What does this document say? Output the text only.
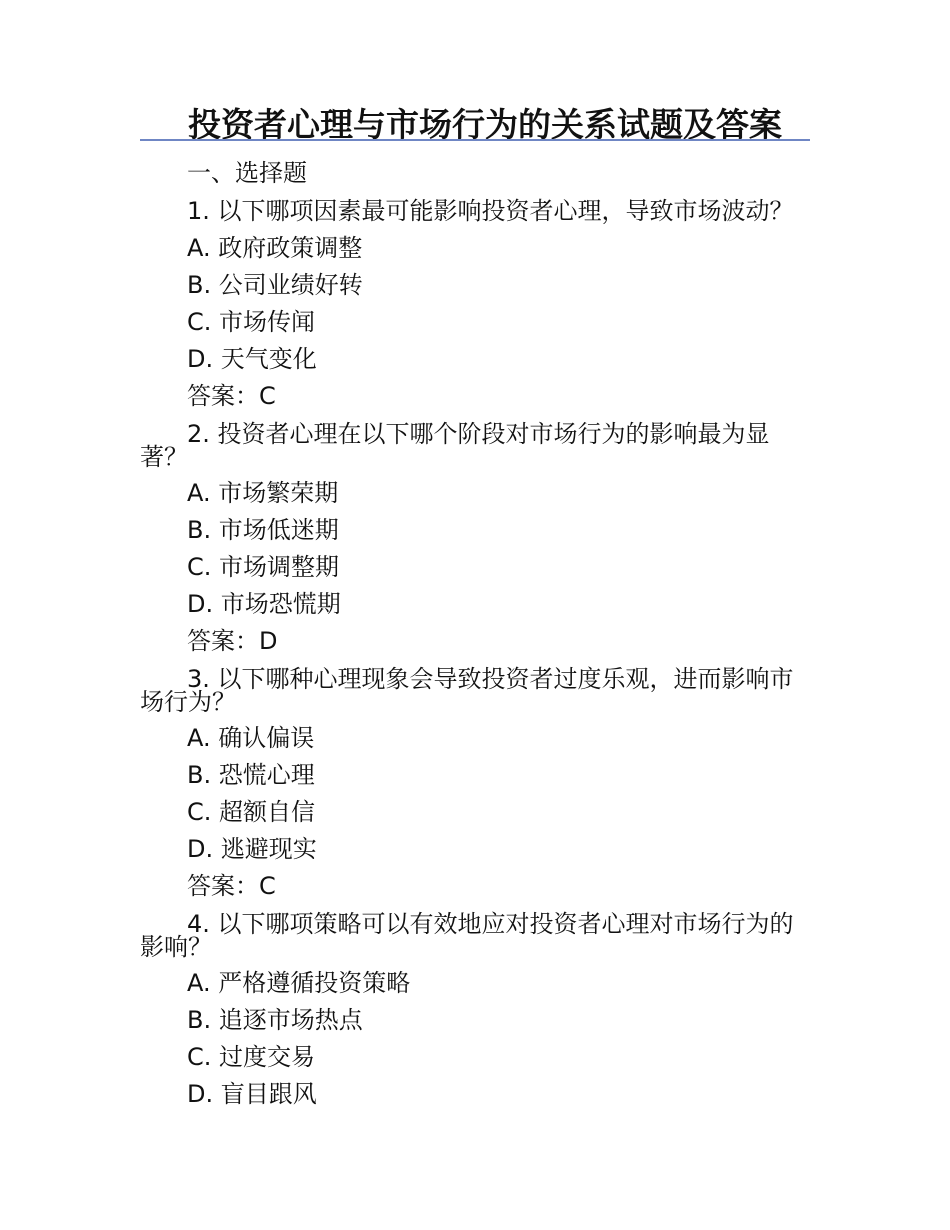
投资者心理与市场行为的关系试题及答案
一、选择题
1. 以下哪项因素最可能影响投资者心理，导致市场波动？
A. 政府政策调整
B. 公司业绩好转
C. 市场传闻
D. 天气变化
答案：C
2. 投资者心理在以下哪个阶段对市场行为的影响最为显
著？
A. 市场繁荣期
B. 市场低迷期
C. 市场调整期
D. 市场恐慌期
答案：D
3. 以下哪种心理现象会导致投资者过度乐观，进而影响市
场行为？
A. 确认偏误
B. 恐慌心理
C. 超额自信
D. 逃避现实
答案：C
4. 以下哪项策略可以有效地应对投资者心理对市场行为的
影响？
A. 严格遵循投资策略
B. 追逐市场热点
C. 过度交易
D. 盲目跟风
